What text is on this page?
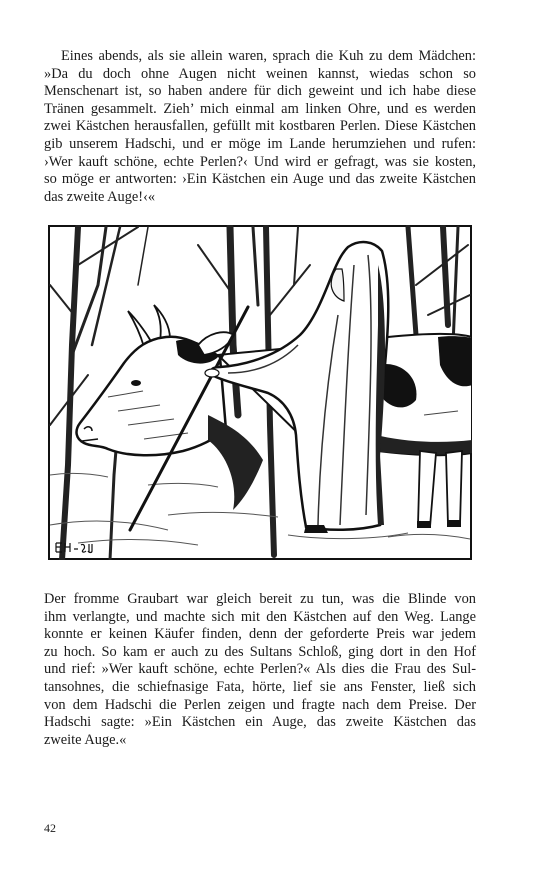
Eines abends, als sie allein waren, sprach die Kuh zu dem Mädchen:
»Da du doch ohne Augen nicht weinen kannst, wiedas schon so
Menschenart ist, so haben andere für dich geweint und ich habe diese
Tränen gesammelt. Zieh’ mich einmal am linken Ohre, und es werden
zwei Kästchen herausfallen, gefüllt mit kostbaren Perlen. Diese Kästchen
gib unserem Hadschi, und er möge im Lande herumziehen und rufen:
›Wer kauft schöne, echte Perlen?‹ Und wird er gefragt, was sie kosten,
so möge er antworten: ›Ein Kästchen ein Auge und das zweite Kästchen
das zweite Auge!‹«
Der fromme Graubart war gleich bereit zu tun, was die Blinde von
ihm verlangte, und machte sich mit den Kästchen auf den Weg. Lange
konnte er keinen Käufer finden, denn der geforderte Preis war jedem
zu hoch. So kam er auch zu des Sultans Schloß, ging dort in den Hof
und rief: »Wer kauft schöne, echte Perlen?« Als dies die Frau des Sul-
tansohnes, die schiefnasige Fata, hörte, lief sie ans Fenster, ließ sich
von dem Hadschi die Perlen zeigen und fragte nach dem Preise. Der
Hadschi sagte: »Ein Kästchen ein Auge, das zweite Kästchen das
zweite Auge.«
42
